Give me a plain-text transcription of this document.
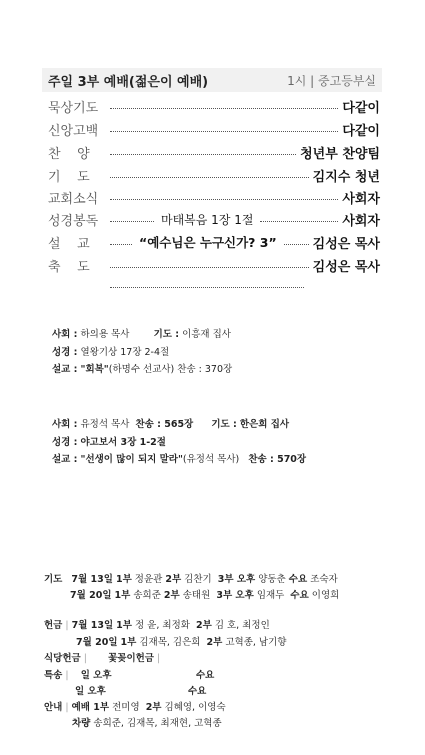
주일 3부 예배(젊은이 예배)	1시 | 중고등부실
묵상기도	다같이
신앙고백	다같이
찬    양	청년부 찬양팀
기    도	김지수 청년
교회소식	사회자
성경봉독	마태복음 1장 1절	사회자
설    교	“예수님은 누구신가? 3”	김성은 목사
축    도	김성은 목사
사회 : 하의용 목사	기도 : 이흥재 집사
성경 : 열왕기상 17장 2-4절
설교 : "회복"(하명수 선교사) 찬송 : 370장
사회 : 유정석 목사 찬송 : 565장 기도 : 한은희 집사
성경 : 야고보서 3장 1-2절
설교 : "선생이 많이 되지 말라"(유정석 목사) 찬송 : 570장
기도 7월 13일 1부 정윤관 2부 김찬기 3부 오후 양동춘 수요 조숙자
7월 20일 1부 송희준 2부 송태원 3부 오후 임재두 수요 이영희
헌금 | 7월 13일 1부 정 윤, 최정화 2부 김 호, 최정인
7월 20일 1부 김재목, 김은희 2부 고혁종, 남기향
식당헌금 | 꽃꽂이헌금 |
특송 | 일 오후	수요
일 오후	수요
안내 | 예배 1부 전미영 2부 김혜영, 이영숙
차량 송희준, 김재목, 최재현, 고혁종
